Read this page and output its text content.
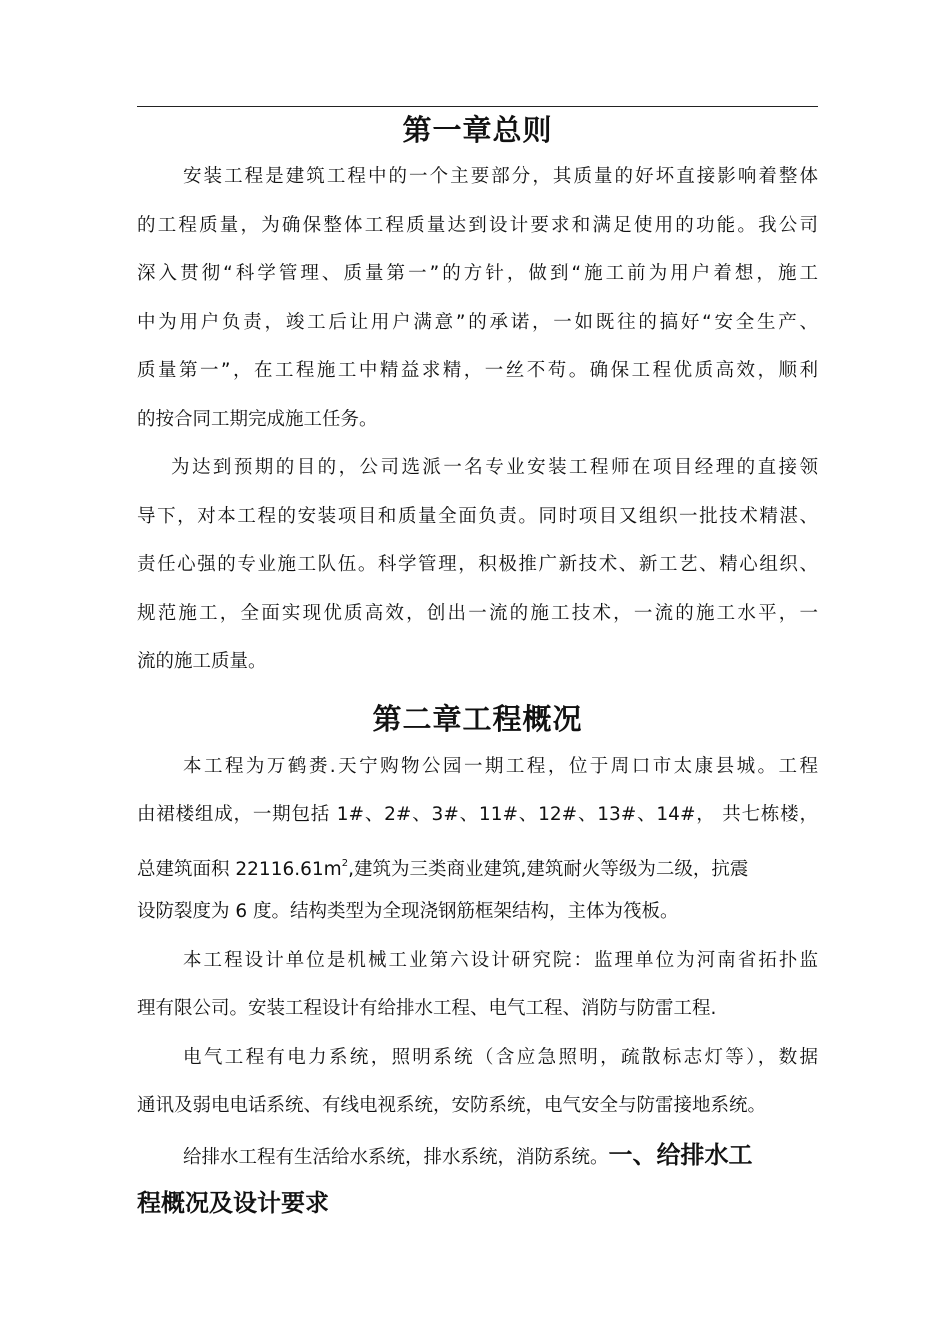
第一章总则
安装工程是建筑工程中的一个主要部分，其质量的好坏直接影响着整体
的工程质量，为确保整体工程质量达到设计要求和满足使用的功能。我公司
深入贯彻“科学管理、质量第一”的方针，做到“施工前为用户着想，施工
中为用户负责，竣工后让用户满意”的承诺，一如既往的搞好“安全生产、
质量第一”，在工程施工中精益求精，一丝不苟。确保工程优质高效，顺利
的按合同工期完成施工任务。
为达到预期的目的，公司选派一名专业安装工程师在项目经理的直接领
导下，对本工程的安装项目和质量全面负责。同时项目又组织一批技术精湛、
责任心强的专业施工队伍。科学管理，积极推广新技术、新工艺、精心组织、
规范施工，全面实现优质高效，创出一流的施工技术，一流的施工水平，一
流的施工质量。
第二章工程概况
本工程为万鹤赉.天宁购物公园一期工程，位于周口市太康县城。工程
由裙楼组成，一期包括 1#、2#、3#、11#、12#、13#、14#， 共七栋楼，
总建筑面积 $22116.61m^2$,建筑为三类商业建筑,建筑耐火等级为二级，抗震
设防裂度为 6 度。结构类型为全现浇钢筋框架结构，主体为筏板。
本工程设计单位是机械工业第六设计研究院：监理单位为河南省拓扑监
理有限公司。安装工程设计有给排水工程、电气工程、消防与防雷工程.
电气工程有电力系统，照明系统（含应急照明，疏散标志灯等），数据
通讯及弱电电话系统、有线电视系统，安防系统，电气安全与防雷接地系统。
给排水工程有生活给水系统，排水系统，消防系统。一、给排水工
程概况及设计要求
